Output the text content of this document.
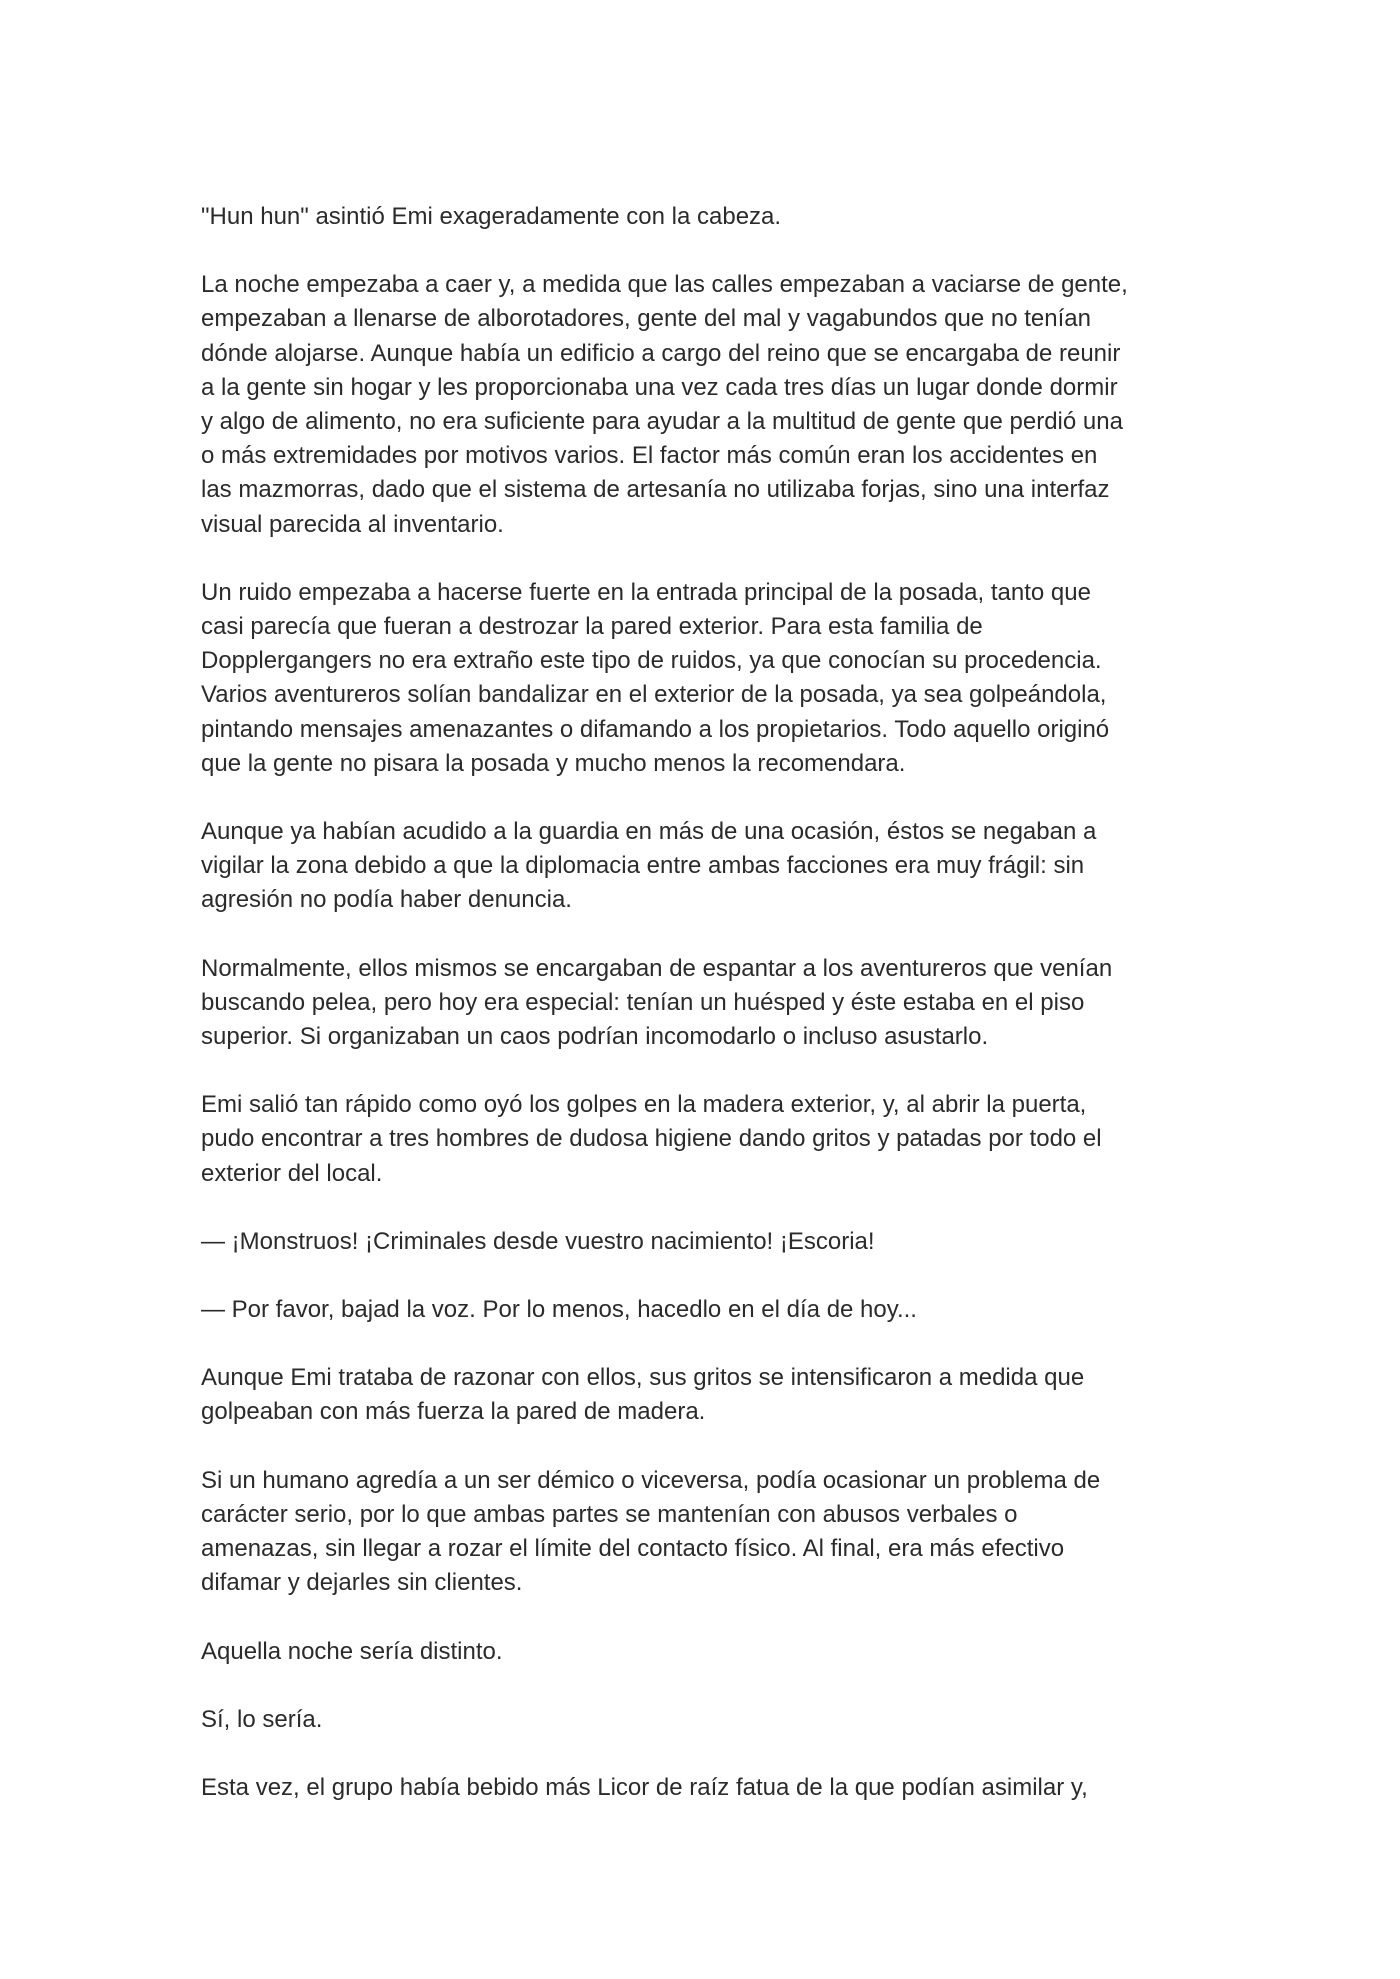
"Hun hun" asintió Emi exageradamente con la cabeza.

La noche empezaba a caer y, a medida que las calles empezaban a vaciarse de gente,
empezaban a llenarse de alborotadores, gente del mal y vagabundos que no tenían
dónde alojarse. Aunque había un edificio a cargo del reino que se encargaba de reunir
a la gente sin hogar y les proporcionaba una vez cada tres días un lugar donde dormir
y algo de alimento, no era suficiente para ayudar a la multitud de gente que perdió una
o más extremidades por motivos varios. El factor más común eran los accidentes en
las mazmorras, dado que el sistema de artesanía no utilizaba forjas, sino una interfaz
visual parecida al inventario.

Un ruido empezaba a hacerse fuerte en la entrada principal de la posada, tanto que
casi parecía que fueran a destrozar la pared exterior. Para esta familia de
Dopplergangers no era extraño este tipo de ruidos, ya que conocían su procedencia.
Varios aventureros solían bandalizar en el exterior de la posada, ya sea golpeándola,
pintando mensajes amenazantes o difamando a los propietarios. Todo aquello originó
que la gente no pisara la posada y mucho menos la recomendara.

Aunque ya habían acudido a la guardia en más de una ocasión, éstos se negaban a
vigilar la zona debido a que la diplomacia entre ambas facciones era muy frágil: sin
agresión no podía haber denuncia.

Normalmente, ellos mismos se encargaban de espantar a los aventureros que venían
buscando pelea, pero hoy era especial: tenían un huésped y éste estaba en el piso
superior. Si organizaban un caos podrían incomodarlo o incluso asustarlo.

Emi salió tan rápido como oyó los golpes en la madera exterior, y, al abrir la puerta,
pudo encontrar a tres hombres de dudosa higiene dando gritos y patadas por todo el
exterior del local.

— ¡Monstruos! ¡Criminales desde vuestro nacimiento! ¡Escoria!

— Por favor, bajad la voz. Por lo menos, hacedlo en el día de hoy...

Aunque Emi trataba de razonar con ellos, sus gritos se intensificaron a medida que
golpeaban con más fuerza la pared de madera.

Si un humano agredía a un ser démico o viceversa, podía ocasionar un problema de
carácter serio, por lo que ambas partes se mantenían con abusos verbales o
amenazas, sin llegar a rozar el límite del contacto físico. Al final, era más efectivo
difamar y dejarles sin clientes.

Aquella noche sería distinto.

Sí, lo sería.

Esta vez, el grupo había bebido más Licor de raíz fatua de la que podían asimilar y,
